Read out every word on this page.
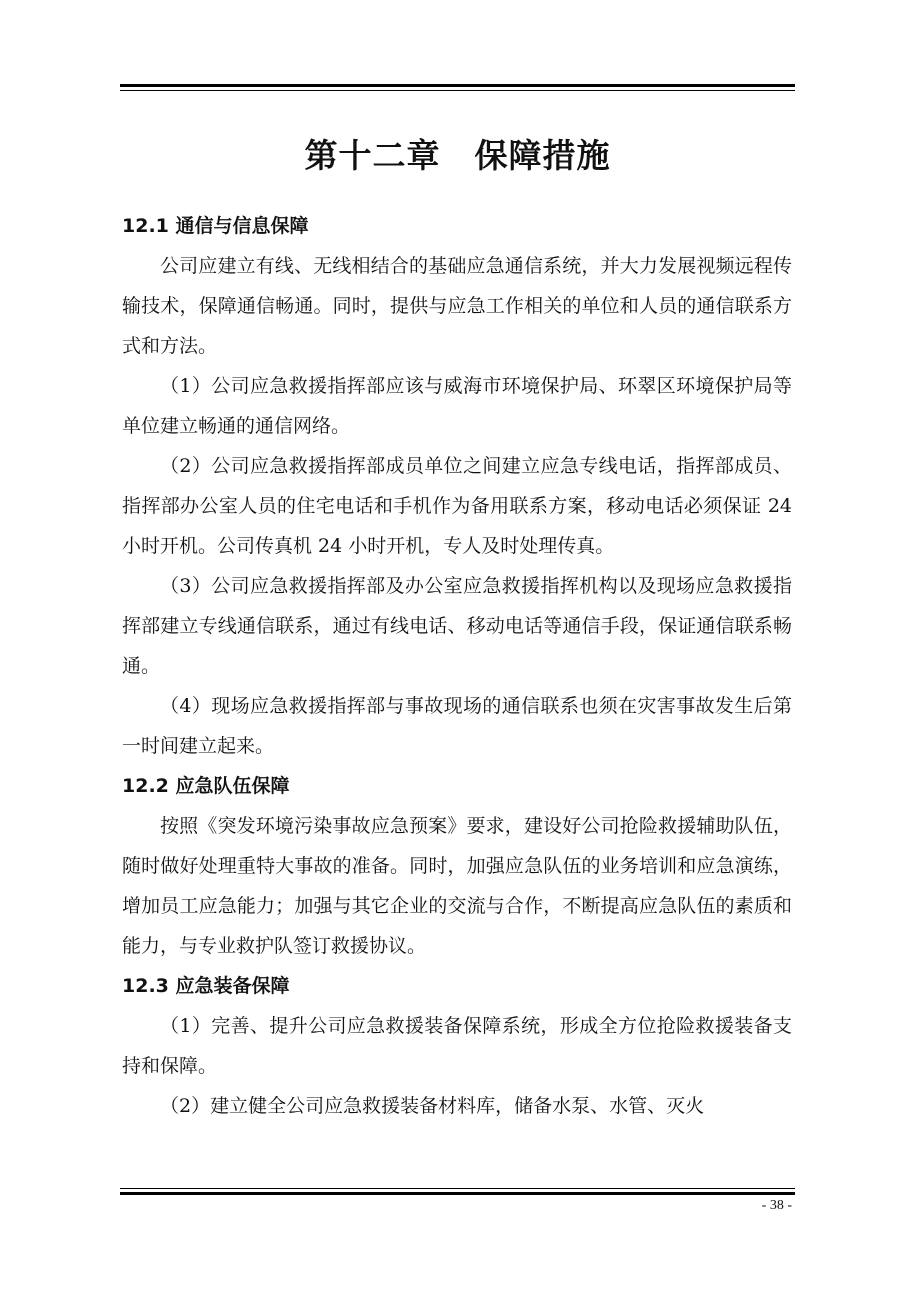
第十二章　保障措施

12.1 通信与信息保障

公司应建立有线、无线相结合的基础应急通信系统，并大力发展视频远程传输技术，保障通信畅通。同时，提供与应急工作相关的单位和人员的通信联系方式和方法。

（1）公司应急救援指挥部应该与威海市环境保护局、环翠区环境保护局等单位建立畅通的通信网络。

（2）公司应急救援指挥部成员单位之间建立应急专线电话，指挥部成员、指挥部办公室人员的住宅电话和手机作为备用联系方案，移动电话必须保证 24 小时开机。公司传真机 24 小时开机，专人及时处理传真。

（3）公司应急救援指挥部及办公室应急救援指挥机构以及现场应急救援指挥部建立专线通信联系，通过有线电话、移动电话等通信手段，保证通信联系畅通。

（4）现场应急救援指挥部与事故现场的通信联系也须在灾害事故发生后第一时间建立起来。

12.2 应急队伍保障

按照《突发环境污染事故应急预案》要求，建设好公司抢险救援辅助队伍，随时做好处理重特大事故的准备。同时，加强应急队伍的业务培训和应急演练，增加员工应急能力；加强与其它企业的交流与合作，不断提高应急队伍的素质和能力，与专业救护队签订救援协议。

12.3 应急装备保障

（1）完善、提升公司应急救援装备保障系统，形成全方位抢险救援装备支持和保障。

（2）建立健全公司应急救援装备材料库，储备水泵、水管、灭火

- 38 -
